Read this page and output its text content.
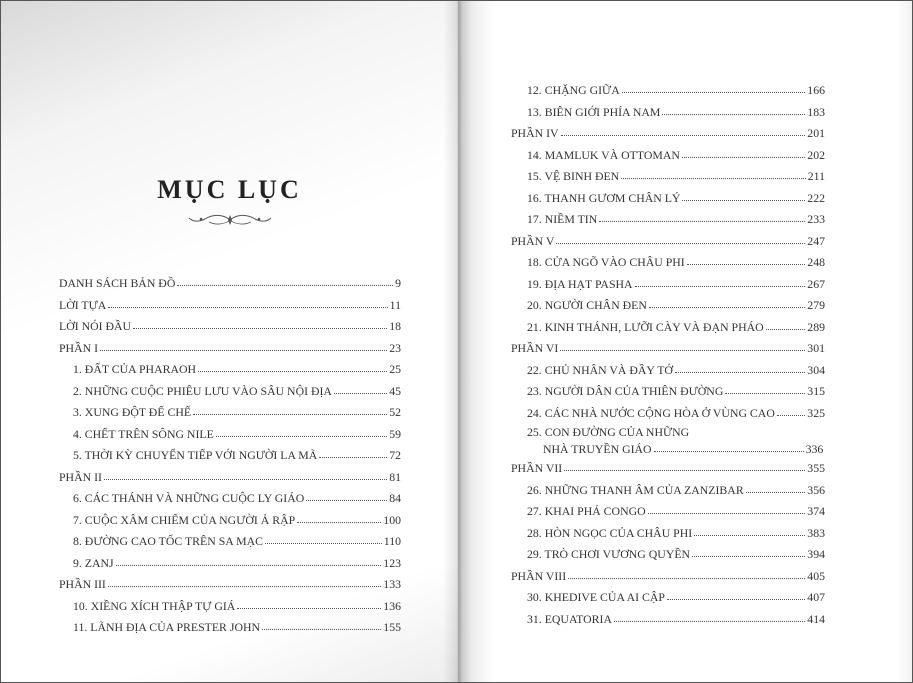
MỤC LỤC
DANH SÁCH BẢN ĐỒ	9
LỜI TỰA	11
LỜI NÓI ĐẦU	18
PHẦN I	23
1. ĐẤT CỦA PHARAOH	25
2. NHỮNG CUỘC PHIÊU LƯU VÀO SÂU NỘI ĐỊA	45
3. XUNG ĐỘT ĐẾ CHẾ	52
4. CHẾT TRÊN SÔNG NILE	59
5. THỜI KỲ CHUYỂN TIẾP VỚI NGƯỜI LA MÃ	72
PHẦN II	81
6. CÁC THÁNH VÀ NHỮNG CUỘC LY GIÁO	84
7. CUỘC XÂM CHIẾM CỦA NGƯỜI Ả RẬP	100
8. ĐƯỜNG CAO TỐC TRÊN SA MẠC	110
9. ZANJ	123
PHẦN III	133
10. XIỀNG XÍCH THẬP TỰ GIÁ	136
11. LÃNH ĐỊA CỦA PRESTER JOHN	155
12. CHẶNG GIỮA	166
13. BIÊN GIỚI PHÍA NAM	183
PHẦN IV	201
14. MAMLUK VÀ OTTOMAN	202
15. VỆ BINH ĐEN	211
16. THANH GƯƠM CHÂN LÝ	222
17. NIỀM TIN	233
PHẦN V	247
18. CỬA NGÕ VÀO CHÂU PHI	248
19. ĐỊA HẠT PASHA	267
20. NGƯỜI CHÂN ĐEN	279
21. KINH THÁNH, LƯỠI CÀY VÀ ĐẠN PHÁO	289
PHẦN VI	301
22. CHỦ NHÂN VÀ ĐẦY TỚ	304
23. NGƯỜI DÂN CỦA THIÊN ĐƯỜNG	315
24. CÁC NHÀ NƯỚC CỘNG HÒA Ở VÙNG CAO	325
25. CON ĐƯỜNG CỦA NHỮNG
NHÀ TRUYỀN GIÁO	336
PHẦN VII	355
26. NHỮNG THANH ÂM CỦA ZANZIBAR	356
27. KHAI PHÁ CONGO	374
28. HÒN NGỌC CỦA CHÂU PHI	383
29. TRÒ CHƠI VƯƠNG QUYỀN	394
PHẦN VIII	405
30. KHEDIVE CỦA AI CẬP	407
31. EQUATORIA	414
